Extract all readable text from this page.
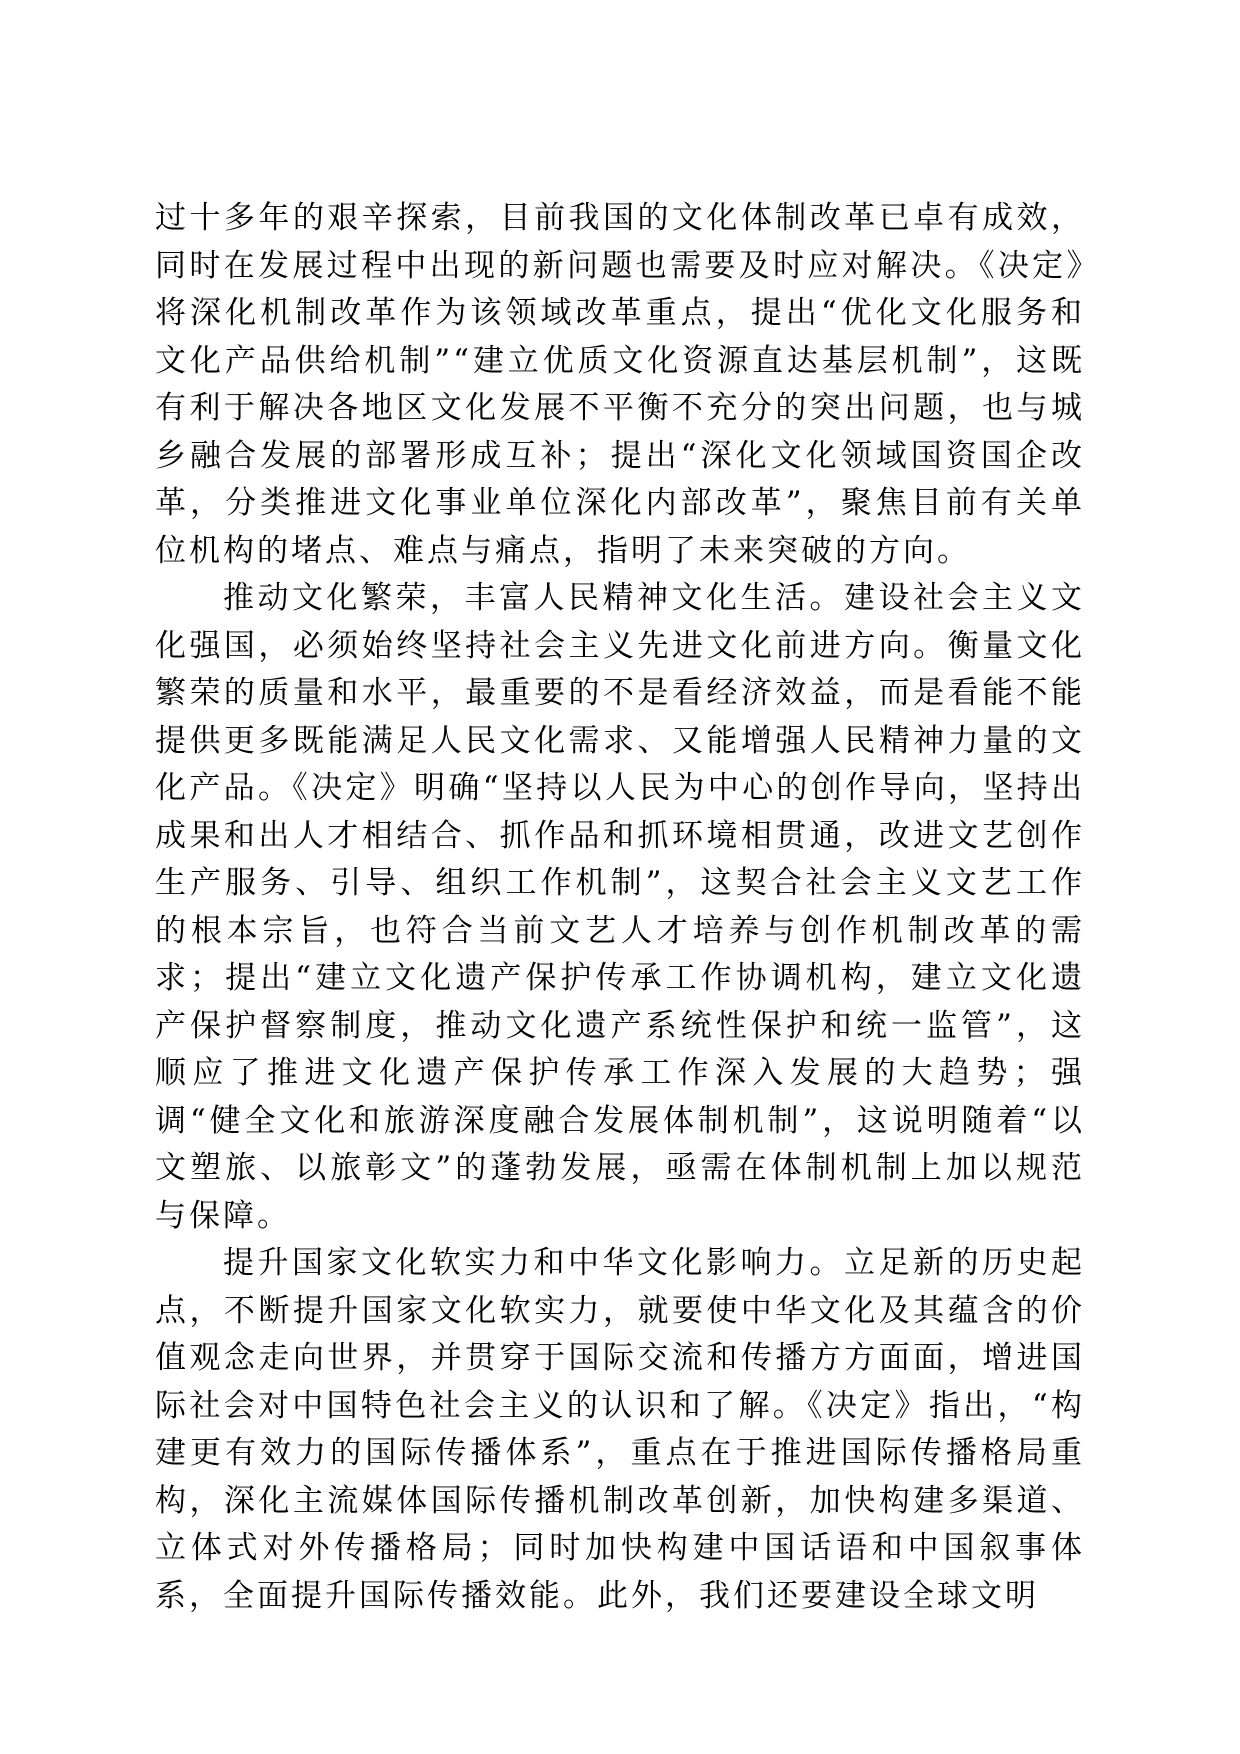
过十多年的艰辛探索，目前我国的文化体制改革已卓有成效，同时在发展过程中出现的新问题也需要及时应对解决。《决定》将深化机制改革作为该领域改革重点，提出“优化文化服务和文化产品供给机制”“建立优质文化资源直达基层机制”，这既有利于解决各地区文化发展不平衡不充分的突出问题，也与城乡融合发展的部署形成互补；提出“深化文化领域国资国企改革，分类推进文化事业单位深化内部改革”，聚焦目前有关单位机构的堵点、难点与痛点，指明了未来突破的方向。

推动文化繁荣，丰富人民精神文化生活。建设社会主义文化强国，必须始终坚持社会主义先进文化前进方向。衡量文化繁荣的质量和水平，最重要的不是看经济效益，而是看能不能提供更多既能满足人民文化需求、又能增强人民精神力量的文化产品。《决定》明确“坚持以人民为中心的创作导向，坚持出成果和出人才相结合、抓作品和抓环境相贯通，改进文艺创作生产服务、引导、组织工作机制”，这契合社会主义文艺工作的根本宗旨，也符合当前文艺人才培养与创作机制改革的需求；提出“建立文化遗产保护传承工作协调机构，建立文化遗产保护督察制度，推动文化遗产系统性保护和统一监管”，这顺应了推进文化遗产保护传承工作深入发展的大趋势；强调“健全文化和旅游深度融合发展体制机制”，这说明随着“以文塑旅、以旅彰文”的蓬勃发展，亟需在体制机制上加以规范与保障。

提升国家文化软实力和中华文化影响力。立足新的历史起点，不断提升国家文化软实力，就要使中华文化及其蕴含的价值观念走向世界，并贯穿于国际交流和传播方方面面，增进国际社会对中国特色社会主义的认识和了解。《决定》指出，“构建更有效力的国际传播体系”，重点在于推进国际传播格局重构，深化主流媒体国际传播机制改革创新，加快构建多渠道、立体式对外传播格局；同时加快构建中国话语和中国叙事体系，全面提升国际传播效能。此外，我们还要建设全球文明
